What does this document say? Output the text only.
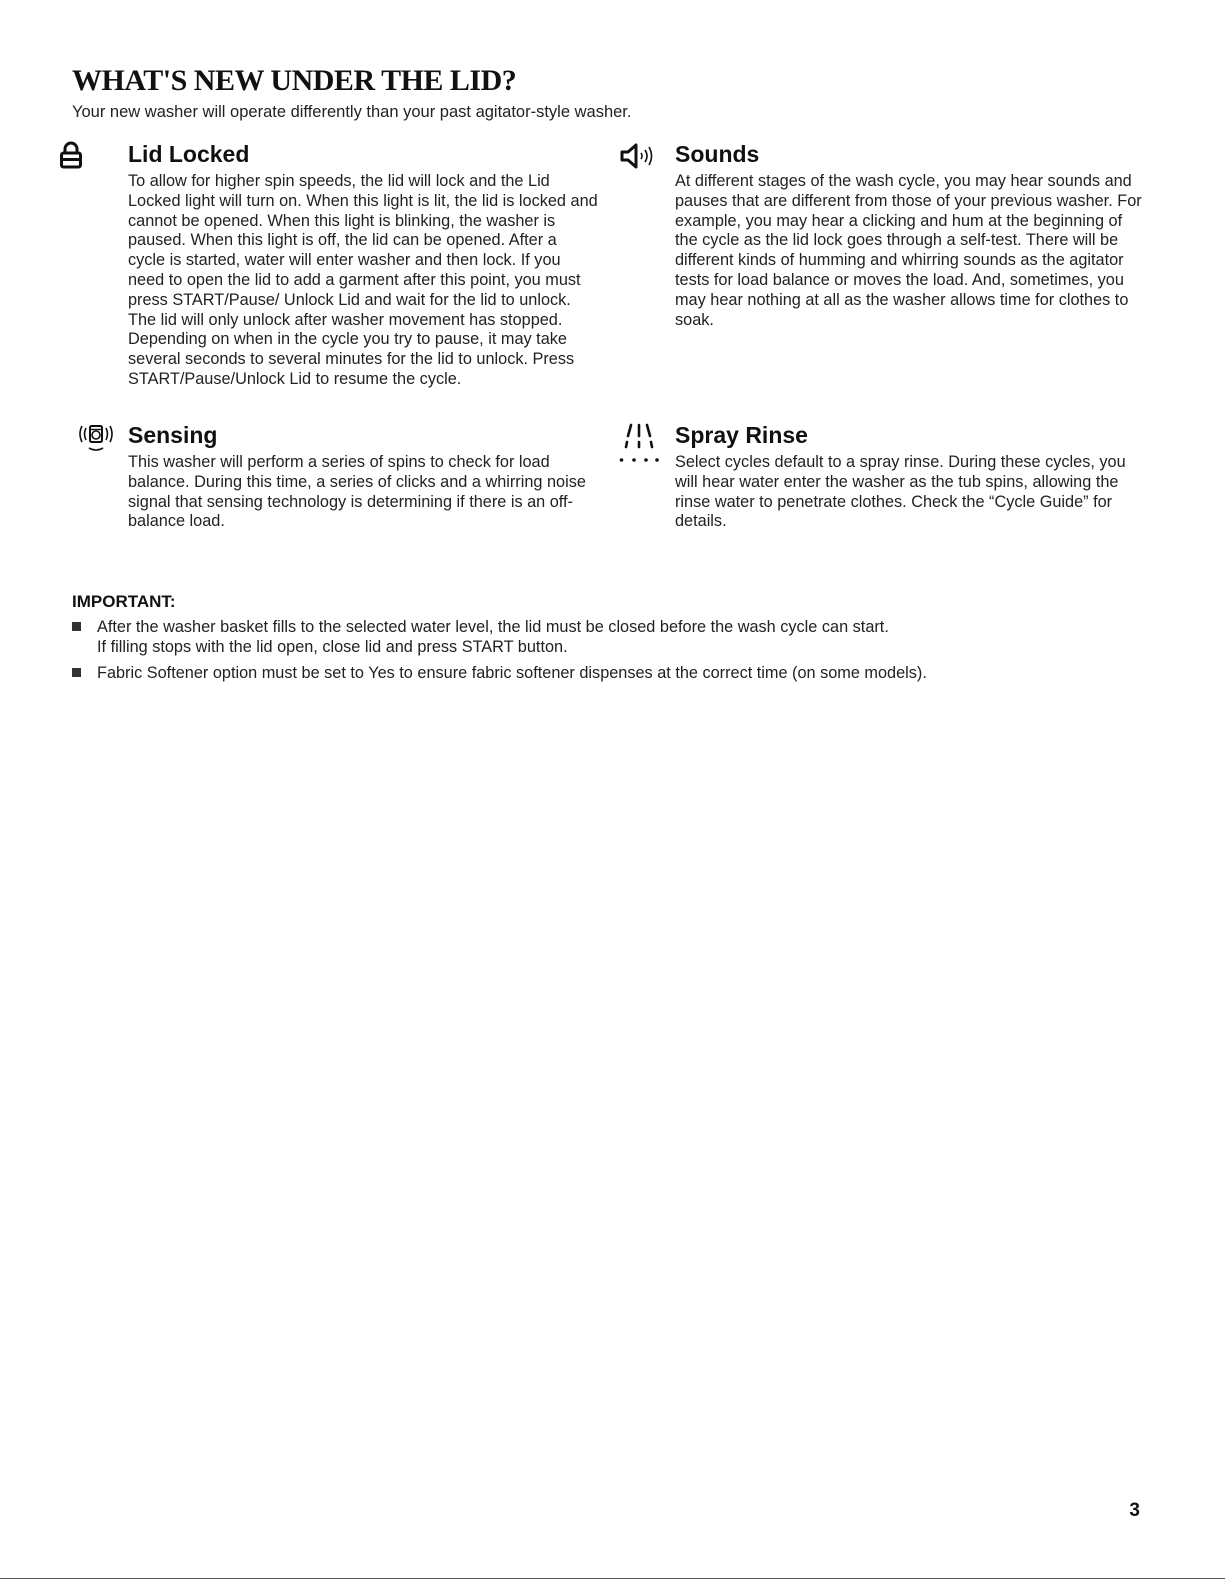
WHAT'S NEW UNDER THE LID?
Your new washer will operate differently than your past agitator-style washer.
Lid Locked

To allow for higher spin speeds, the lid will lock and the Lid Locked light will turn on. When this light is lit, the lid is locked and cannot be opened. When this light is blinking, the washer is paused. When this light is off, the lid can be opened. After a cycle is started, water will enter washer and then lock. If you need to open the lid to add a garment after this point, you must press START/Pause/ Unlock Lid and wait for the lid to unlock. The lid will only unlock after washer movement has stopped. Depending on when in the cycle you try to pause, it may take several seconds to several minutes for the lid to unlock. Press START/Pause/Unlock Lid to resume the cycle.

Sounds

At different stages of the wash cycle, you may hear sounds and pauses that are different from those of your previous washer. For example, you may hear a clicking and hum at the beginning of the cycle as the lid lock goes through a self-test. There will be different kinds of humming and whirring sounds as the agitator tests for load balance or moves the load. And, sometimes, you may hear nothing at all as the washer allows time for clothes to soak.

Sensing

This washer will perform a series of spins to check for load balance. During this time, a series of clicks and a whirring noise signal that sensing technology is determining if there is an off-balance load.

Spray Rinse

Select cycles default to a spray rinse. During these cycles, you will hear water enter the washer as the tub spins, allowing the rinse water to penetrate clothes. Check the “Cycle Guide” for details.

IMPORTANT:
After the washer basket fills to the selected water level, the lid must be closed before the wash cycle can start.
If filling stops with the lid open, close lid and press START button.
Fabric Softener option must be set to Yes to ensure fabric softener dispenses at the correct time (on some models).
3
